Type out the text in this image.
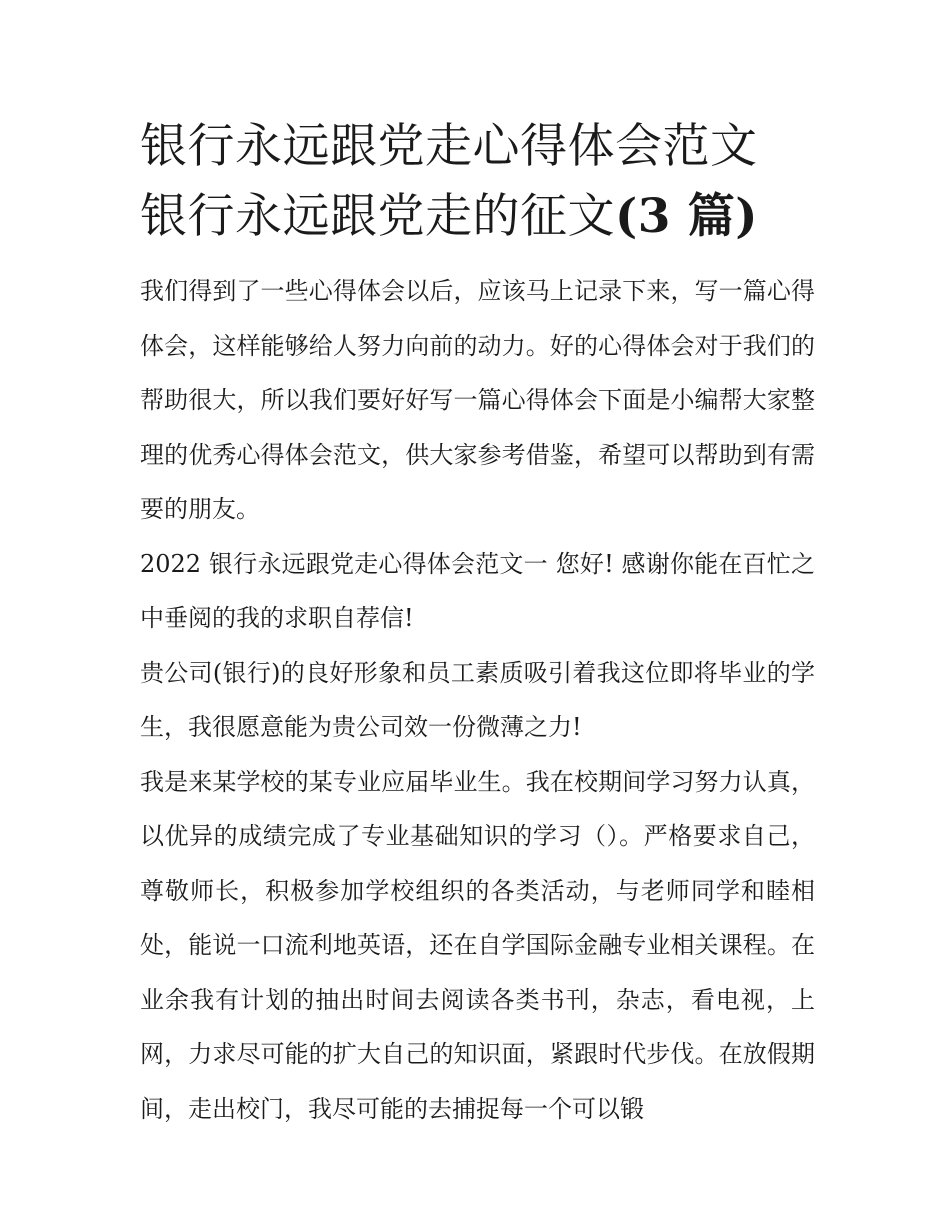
银行永远跟党走心得体会范文
银行永远跟党走的征文(3 篇)

我们得到了一些心得体会以后，应该马上记录下来，写一篇心得体会，这样能够给人努力向前的动力。好的心得体会对于我们的帮助很大，所以我们要好好写一篇心得体会下面是小编帮大家整理的优秀心得体会范文，供大家参考借鉴，希望可以帮助到有需要的朋友。

2022 银行永远跟党走心得体会范文一 您好! 感谢你能在百忙之中垂阅的我的求职自荐信!

贵公司(银行)的良好形象和员工素质吸引着我这位即将毕业的学生，我很愿意能为贵公司效一份微薄之力!

我是来某学校的某专业应届毕业生。我在校期间学习努力认真，以优异的成绩完成了专业基础知识的学习（）。严格要求自己，尊敬师长，积极参加学校组织的各类活动，与老师同学和睦相处，能说一口流利地英语，还在自学国际金融专业相关课程。在业余我有计划的抽出时间去阅读各类书刊，杂志，看电视，上网，力求尽可能的扩大自己的知识面，紧跟时代步伐。在放假期间，走出校门，我尽可能的去捕捉每一个可以锻
